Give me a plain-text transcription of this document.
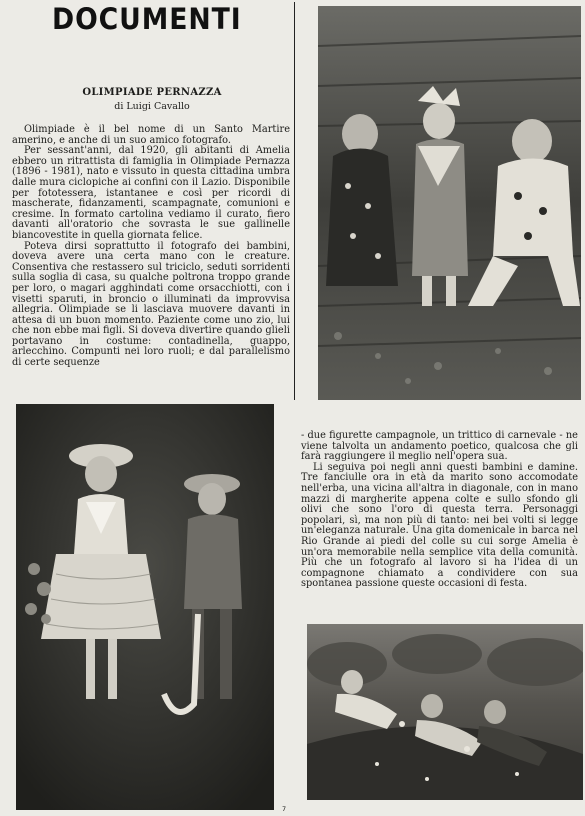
DOCUMENTI
OLIMPIADE PERNAZZA
di Luigi Cavallo

Olimpiade è il bel nome di un Santo Martire amerino, e anche di un suo amico fotografo.

Per sessant'anni, dal 1920, gli abitanti di Amelia ebbero un ritrattista di famiglia in Olimpiade Pernazza (1896 - 1981), nato e vissuto in questa cittadina umbra dalle mura ciclopiche ai confini con il Lazio. Disponibile per fototessera, istantanee e così per ricordi di mascherate, fidanzamenti, scampagnate, comunioni e cresime. In formato cartolina vediamo il curato, fiero davanti all'oratorio che sovrasta le sue gallinelle biancovestite in quella giornata felice.

Poteva dirsi soprattutto il fotografo dei bambini, doveva avere una certa mano con le creature. Consentiva che restassero sul triciclo, seduti sorridenti sulla soglia di casa, su qualche poltrona troppo grande per loro, o magari agghindati come orsacchiotti, con i visetti sparuti, in broncio o illuminati da improvvisa allegria. Olimpiade se li lasciava muovere davanti in attesa di un buon momento. Paziente come uno zio, lui che non ebbe mai figli. Si doveva divertire quando glieli portavano in costume: contadinella, guappo, arlecchino. Compunti nei loro ruoli; e dal parallelismo di certe sequenze

- due figurette campagnole, un trittico di carnevale - ne viene talvolta un andamento poetico, qualcosa che gli farà raggiungere il meglio nell'opera sua.

Li seguiva poi negli anni questi bambini e damine. Tre fanciulle ora in età da marito sono accomodate nell'erba, una vicina all'altra in diagonale, con in mano mazzi di margherite appena colte e sullo sfondo gli olivi che sono l'oro di questa terra. Personaggi popolari, sì, ma non più di tanto: nei bei volti si legge un'eleganza naturale. Una gita domenicale in barca nel Rio Grande ai piedi del colle su cui sorge Amelia è un'ora memorabile nella semplice vita della comunità. Più che un fotografo al lavoro si ha l'idea di un compagnone chiamato a condividere con sua spontanea passione queste occasioni di festa.

7
